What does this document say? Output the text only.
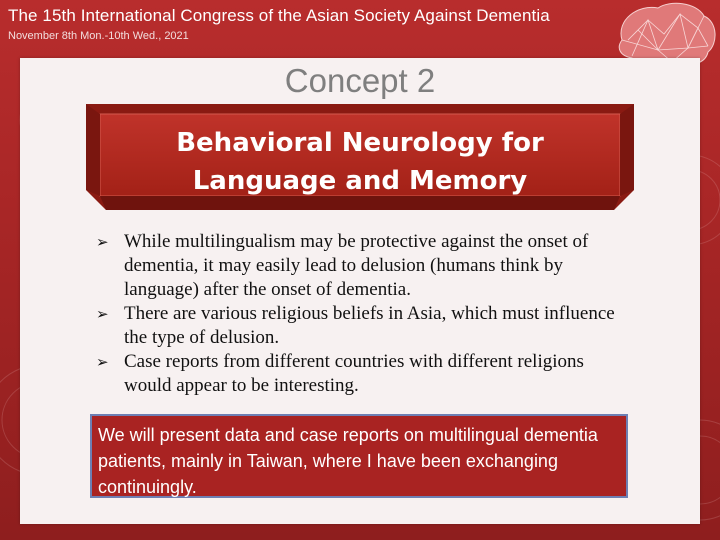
The 15th International Congress of the Asian Society Against Dementia
November 8th Mon.-10th Wed., 2021
Concept 2
Behavioral Neurology for
Language and Memory

➢ While multilingualism may be protective against the onset of dementia, it may easily lead to delusion (humans think by language) after the onset of dementia.

➢ There are various religious beliefs in Asia, which must influence the type of delusion.

➢ Case reports from different countries with different religions would appear to be interesting.

We will present data and case reports on multilingual dementia patients, mainly in Taiwan, where I have been exchanging continuingly.
